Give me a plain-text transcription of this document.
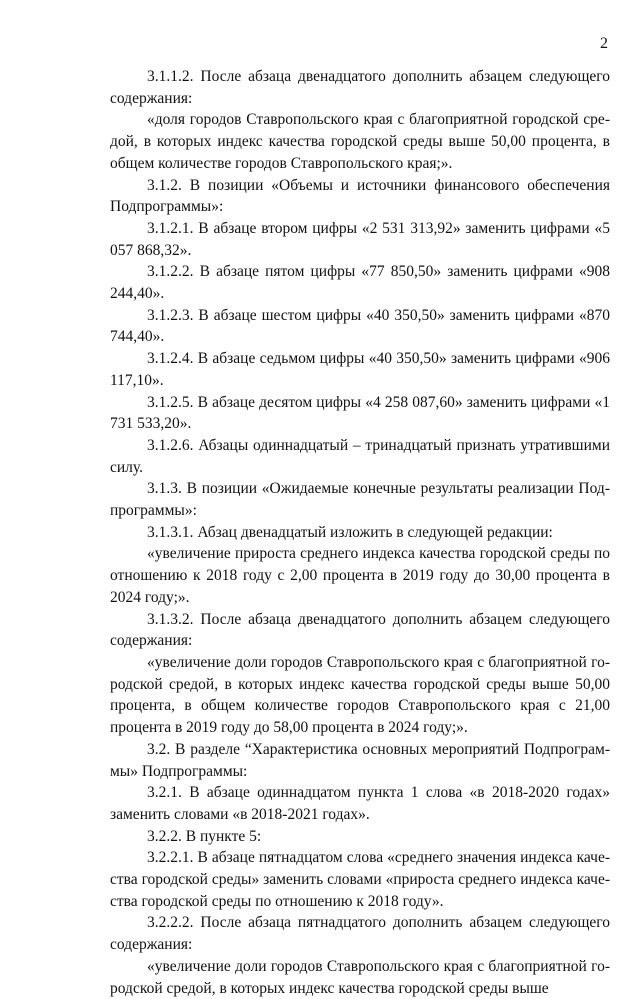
2

3.1.1.2. После абзаца двенадцатого дополнить абзацем следующего содержания:

«доля городов Ставропольского края с благоприятной городской средой, в которых индекс качества городской среды выше 50,00 процента, в общем количестве городов Ставропольского края;».

3.1.2. В позиции «Объемы и источники финансового обеспечения Подпрограммы»:

3.1.2.1. В абзаце втором цифры «2 531 313,92» заменить цифрами «5 057 868,32».

3.1.2.2. В абзаце пятом цифры «77 850,50» заменить цифрами «908 244,40».

3.1.2.3. В абзаце шестом цифры «40 350,50» заменить цифрами «870 744,40».

3.1.2.4. В абзаце седьмом цифры «40 350,50» заменить цифрами «906 117,10».

3.1.2.5. В абзаце десятом цифры «4 258 087,60» заменить цифрами «1 731 533,20».

3.1.2.6. Абзацы одиннадцатый – тринадцатый признать утратившими силу.

3.1.3. В позиции «Ожидаемые конечные результаты реализации Подпрограммы»:

3.1.3.1. Абзац двенадцатый изложить в следующей редакции:

«увеличение прироста среднего индекса качества городской среды по отношению к 2018 году с 2,00 процента в 2019 году до 30,00 процента в 2024 году;».

3.1.3.2. После абзаца двенадцатого дополнить абзацем следующего содержания:

«увеличение доли городов Ставропольского края с благоприятной городской средой, в которых индекс качества городской среды выше 50,00 процента, в общем количестве городов Ставропольского края с 21,00 процента в 2019 году до 58,00 процента в 2024 году;».

3.2. В разделе “Характеристика основных мероприятий Подпрограммы» Подпрограммы:

3.2.1. В абзаце одиннадцатом пункта 1 слова «в 2018-2020 годах» заменить словами «в 2018-2021 годах».

3.2.2. В пункте 5:

3.2.2.1. В абзаце пятнадцатом слова «среднего значения индекса качества городской среды» заменить словами «прироста среднего индекса качества городской среды по отношению к 2018 году».

3.2.2.2. После абзаца пятнадцатого дополнить абзацем следующего содержания:

«увеличение доли городов Ставропольского края с благоприятной городской средой, в которых индекс качества городской среды выше
